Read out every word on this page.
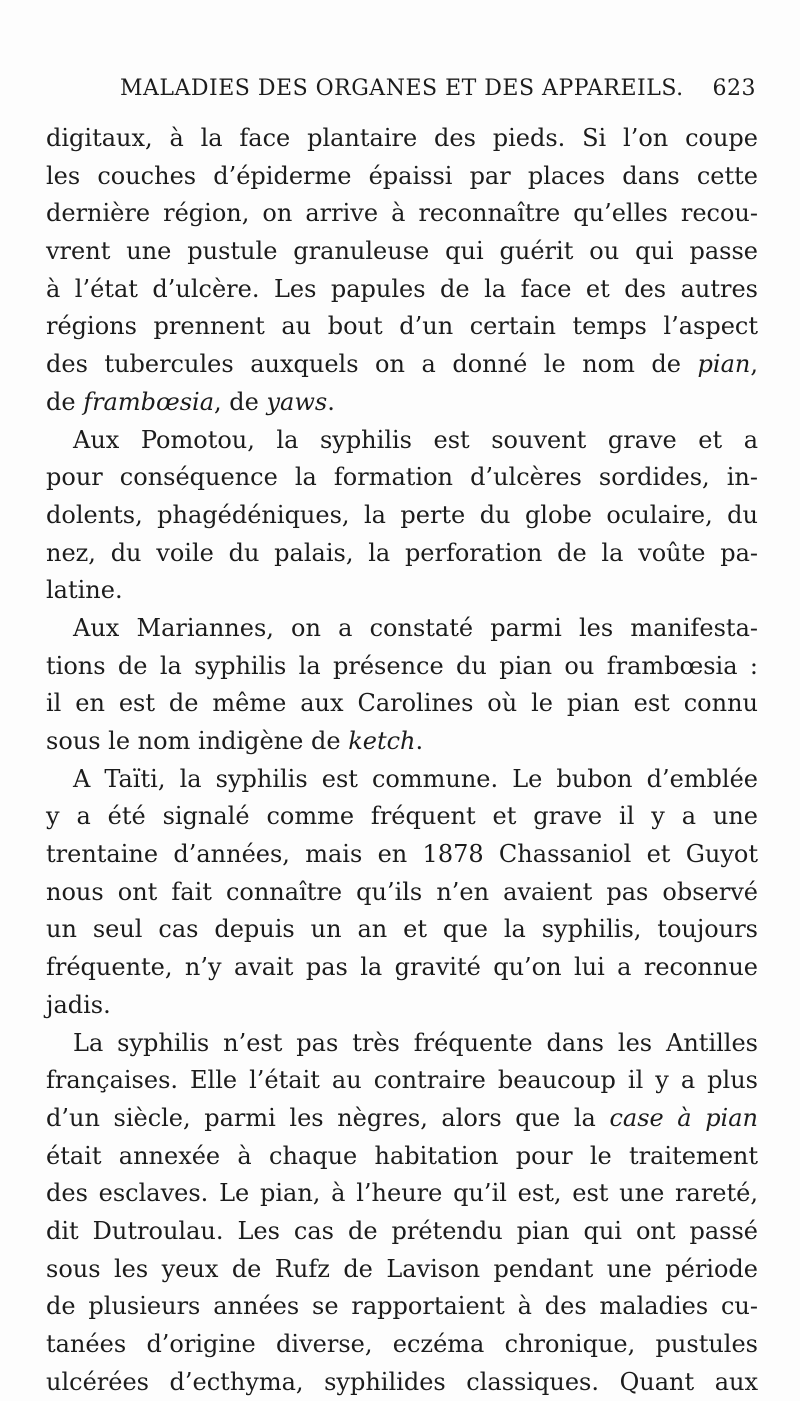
MALADIES DES ORGANES ET DES APPAREILS. 623
digitaux, à la face plantaire des pieds. Si l’on coupe
les couches d’épiderme épaissi par places dans cette
dernière région, on arrive à reconnaître qu’elles recou-
vrent une pustule granuleuse qui guérit ou qui passe
à l’état d’ulcère. Les papules de la face et des autres
régions prennent au bout d’un certain temps l’aspect
des tubercules auxquels on a donné le nom de pian,
de frambœsia, de yaws.
Aux Pomotou, la syphilis est souvent grave et a
pour conséquence la formation d’ulcères sordides, in-
dolents, phagédéniques, la perte du globe oculaire, du
nez, du voile du palais, la perforation de la voûte pa-
latine.
Aux Mariannes, on a constaté parmi les manifesta-
tions de la syphilis la présence du pian ou frambœsia :
il en est de même aux Carolines où le pian est connu
sous le nom indigène de ketch.
A Taïti, la syphilis est commune. Le bubon d’emblée
y a été signalé comme fréquent et grave il y a une
trentaine d’années, mais en 1878 Chassaniol et Guyot
nous ont fait connaître qu’ils n’en avaient pas observé
un seul cas depuis un an et que la syphilis, toujours
fréquente, n’y avait pas la gravité qu’on lui a reconnue
jadis.
La syphilis n’est pas très fréquente dans les Antilles
françaises. Elle l’était au contraire beaucoup il y a plus
d’un siècle, parmi les nègres, alors que la case à pian
était annexée à chaque habitation pour le traitement
des esclaves. Le pian, à l’heure qu’il est, est une rareté,
dit Dutroulau. Les cas de prétendu pian qui ont passé
sous les yeux de Rufz de Lavison pendant une période
de plusieurs années se rapportaient à des maladies cu-
tanées d’origine diverse, eczéma chronique, pustules
ulcérées d’ecthyma, syphilides classiques. Quant aux
